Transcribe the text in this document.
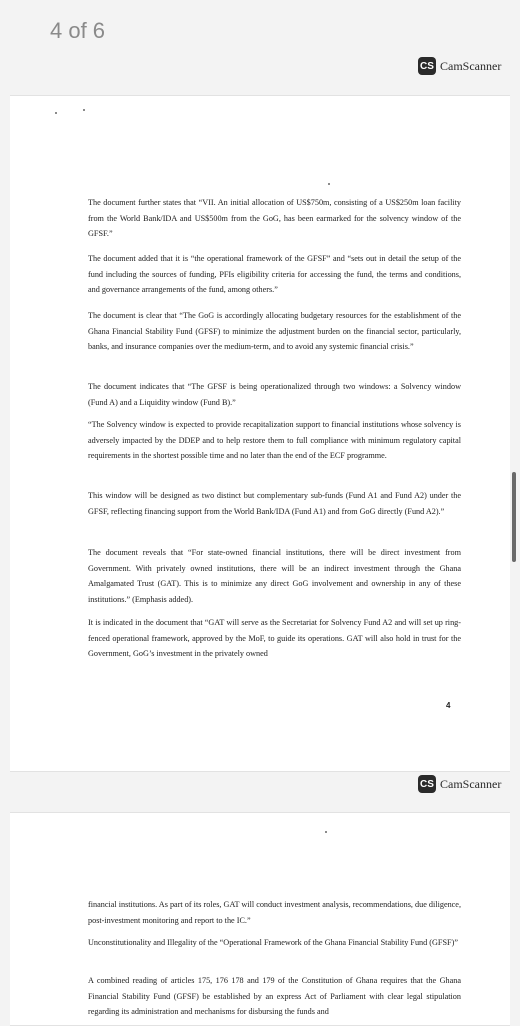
4 of 6
CS CamScanner

The document further states that “VII. An initial allocation of US$750m, consisting of a US$250m loan facility from the World Bank/IDA and US$500m from the GoG, has been earmarked for the solvency window of the GFSF.”

The document added that it is “the operational framework of the GFSF” and “sets out in detail the setup of the fund including the sources of funding, PFIs eligibility criteria for accessing the fund, the terms and conditions, and governance arrangements of the fund, among others.”

The document is clear that “The GoG is accordingly allocating budgetary resources for the establishment of the Ghana Financial Stability Fund (GFSF) to minimize the adjustment burden on the financial sector, particularly, banks, and insurance companies over the medium-term, and to avoid any systemic financial crisis.”

The document indicates that “The GFSF is being operationalized through two windows: a Solvency window (Fund A) and a Liquidity window (Fund B).”

“The Solvency window is expected to provide recapitalization support to financial institutions whose solvency is adversely impacted by the DDEP and to help restore them to full compliance with minimum regulatory capital requirements in the shortest possible time and no later than the end of the ECF programme.

This window will be designed as two distinct but complementary sub-funds (Fund A1 and Fund A2) under the GFSF, reflecting financing support from the World Bank/IDA (Fund A1) and from GoG directly (Fund A2).”

The document reveals that “For state-owned financial institutions, there will be direct investment from Government. With privately owned institutions, there will be an indirect investment through the Ghana Amalgamated Trust (GAT). This is to minimize any direct GoG involvement and ownership in any of these institutions.” (Emphasis added).

It is indicated in the document that “GAT will serve as the Secretariat for Solvency Fund A2 and will set up ring-fenced operational framework, approved by the MoF, to guide its operations. GAT will also hold in trust for the Government, GoG’s investment in the privately owned

4
CS CamScanner

financial institutions. As part of its roles, GAT will conduct investment analysis, recommendations, due diligence, post-investment monitoring and report to the IC.”

Unconstitutionality and Illegality of the “Operational Framework of the Ghana Financial Stability Fund (GFSF)”

A combined reading of articles 175, 176 178 and 179 of the Constitution of Ghana requires that the Ghana Financial Stability Fund (GFSF) be established by an express Act of Parliament with clear legal stipulation regarding its administration and mechanisms for disbursing the funds and
